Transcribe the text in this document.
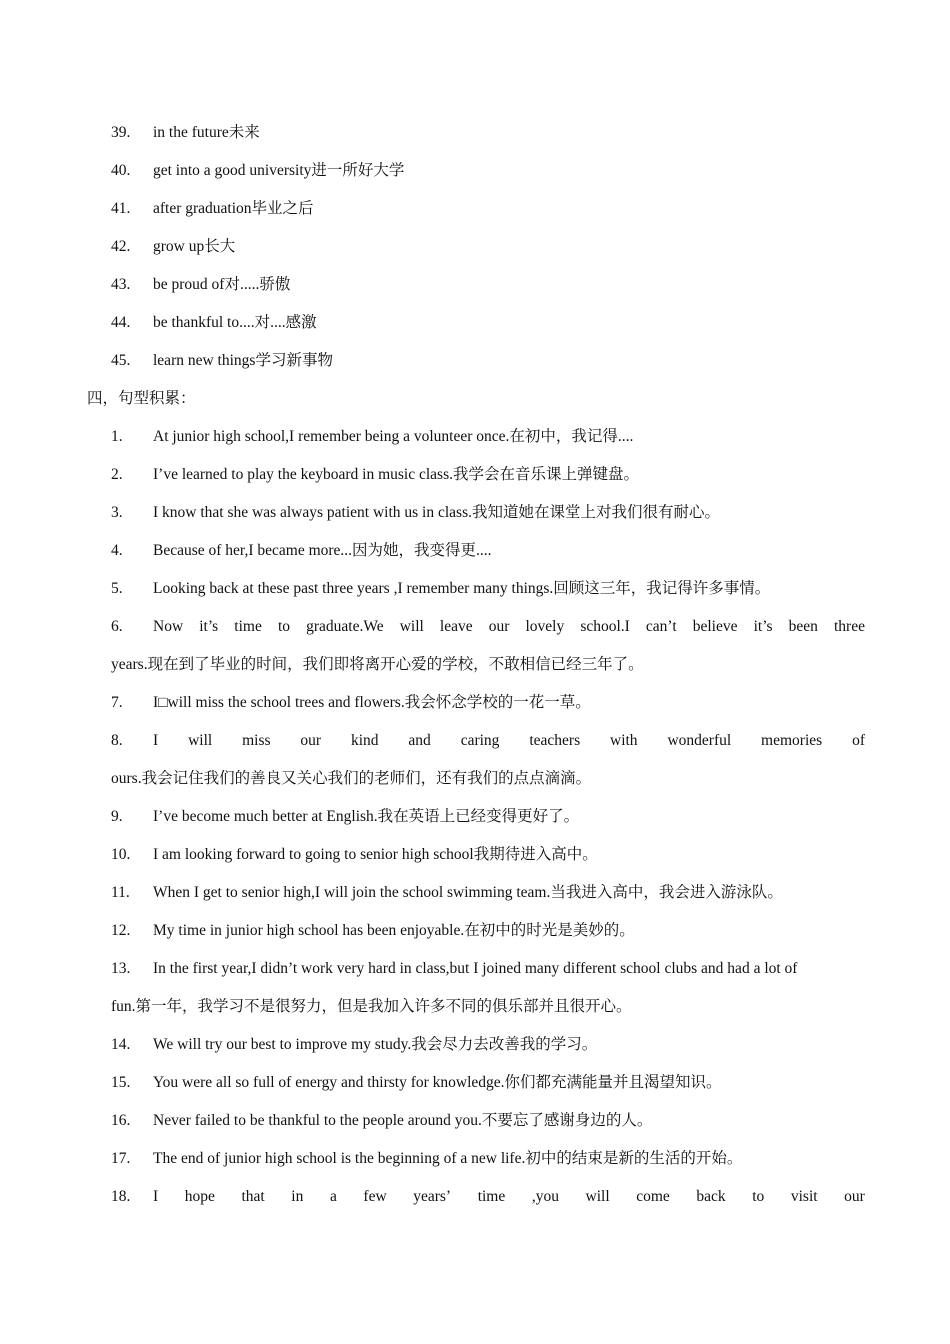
39.	in the future未来
40.	get into a good university进一所好大学
41.	after graduation毕业之后
42.	grow up长大
43.	be proud of对.....骄傲
44.	be thankful to....对....感激
45.	learn new things学习新事物
四，句型积累：
1.	At junior high school,I remember being a volunteer once.在初中，我记得....
2.	I’ve learned to play the keyboard in music class.我学会在音乐课上弹键盘。
3.	I know that she was always patient with us in class.我知道她在课堂上对我们很有耐心。
4.	Because of her,I became more...因为她，我变得更....
5.	Looking back at these past three years ,I remember many things.回顾这三年，我记得许多事情。
6.	Now it’s time to graduate.We will leave our lovely school.I can’t believe it’s been three
years.现在到了毕业的时间，我们即将离开心爱的学校，不敢相信已经三年了。
7.	I□will miss the school trees and flowers.我会怀念学校的一花一草。
8.	I will miss our kind and caring teachers with wonderful memories of
ours.我会记住我们的善良又关心我们的老师们，还有我们的点点滴滴。
9.	I’ve become much better at English.我在英语上已经变得更好了。
10.	I am looking forward to going to senior high school我期待进入高中。
11.	When I get to senior high,I will join the school swimming team.当我进入高中，我会进入游泳队。
12.	My time in junior high school has been enjoyable.在初中的时光是美妙的。
13.	In the first year,I didn’t work very hard in class,but I joined many different school clubs and had a lot of
fun.第一年，我学习不是很努力，但是我加入许多不同的俱乐部并且很开心。
14.	We will try our best to improve my study.我会尽力去改善我的学习。
15.	You were all so full of energy and thirsty for knowledge.你们都充满能量并且渴望知识。
16.	Never failed to be thankful to the people around you.不要忘了感谢身边的人。
17.	The end of junior high school is the beginning of a new life.初中的结束是新的生活的开始。
18.	I hope that in a few years’ time ,you will come back to visit our
